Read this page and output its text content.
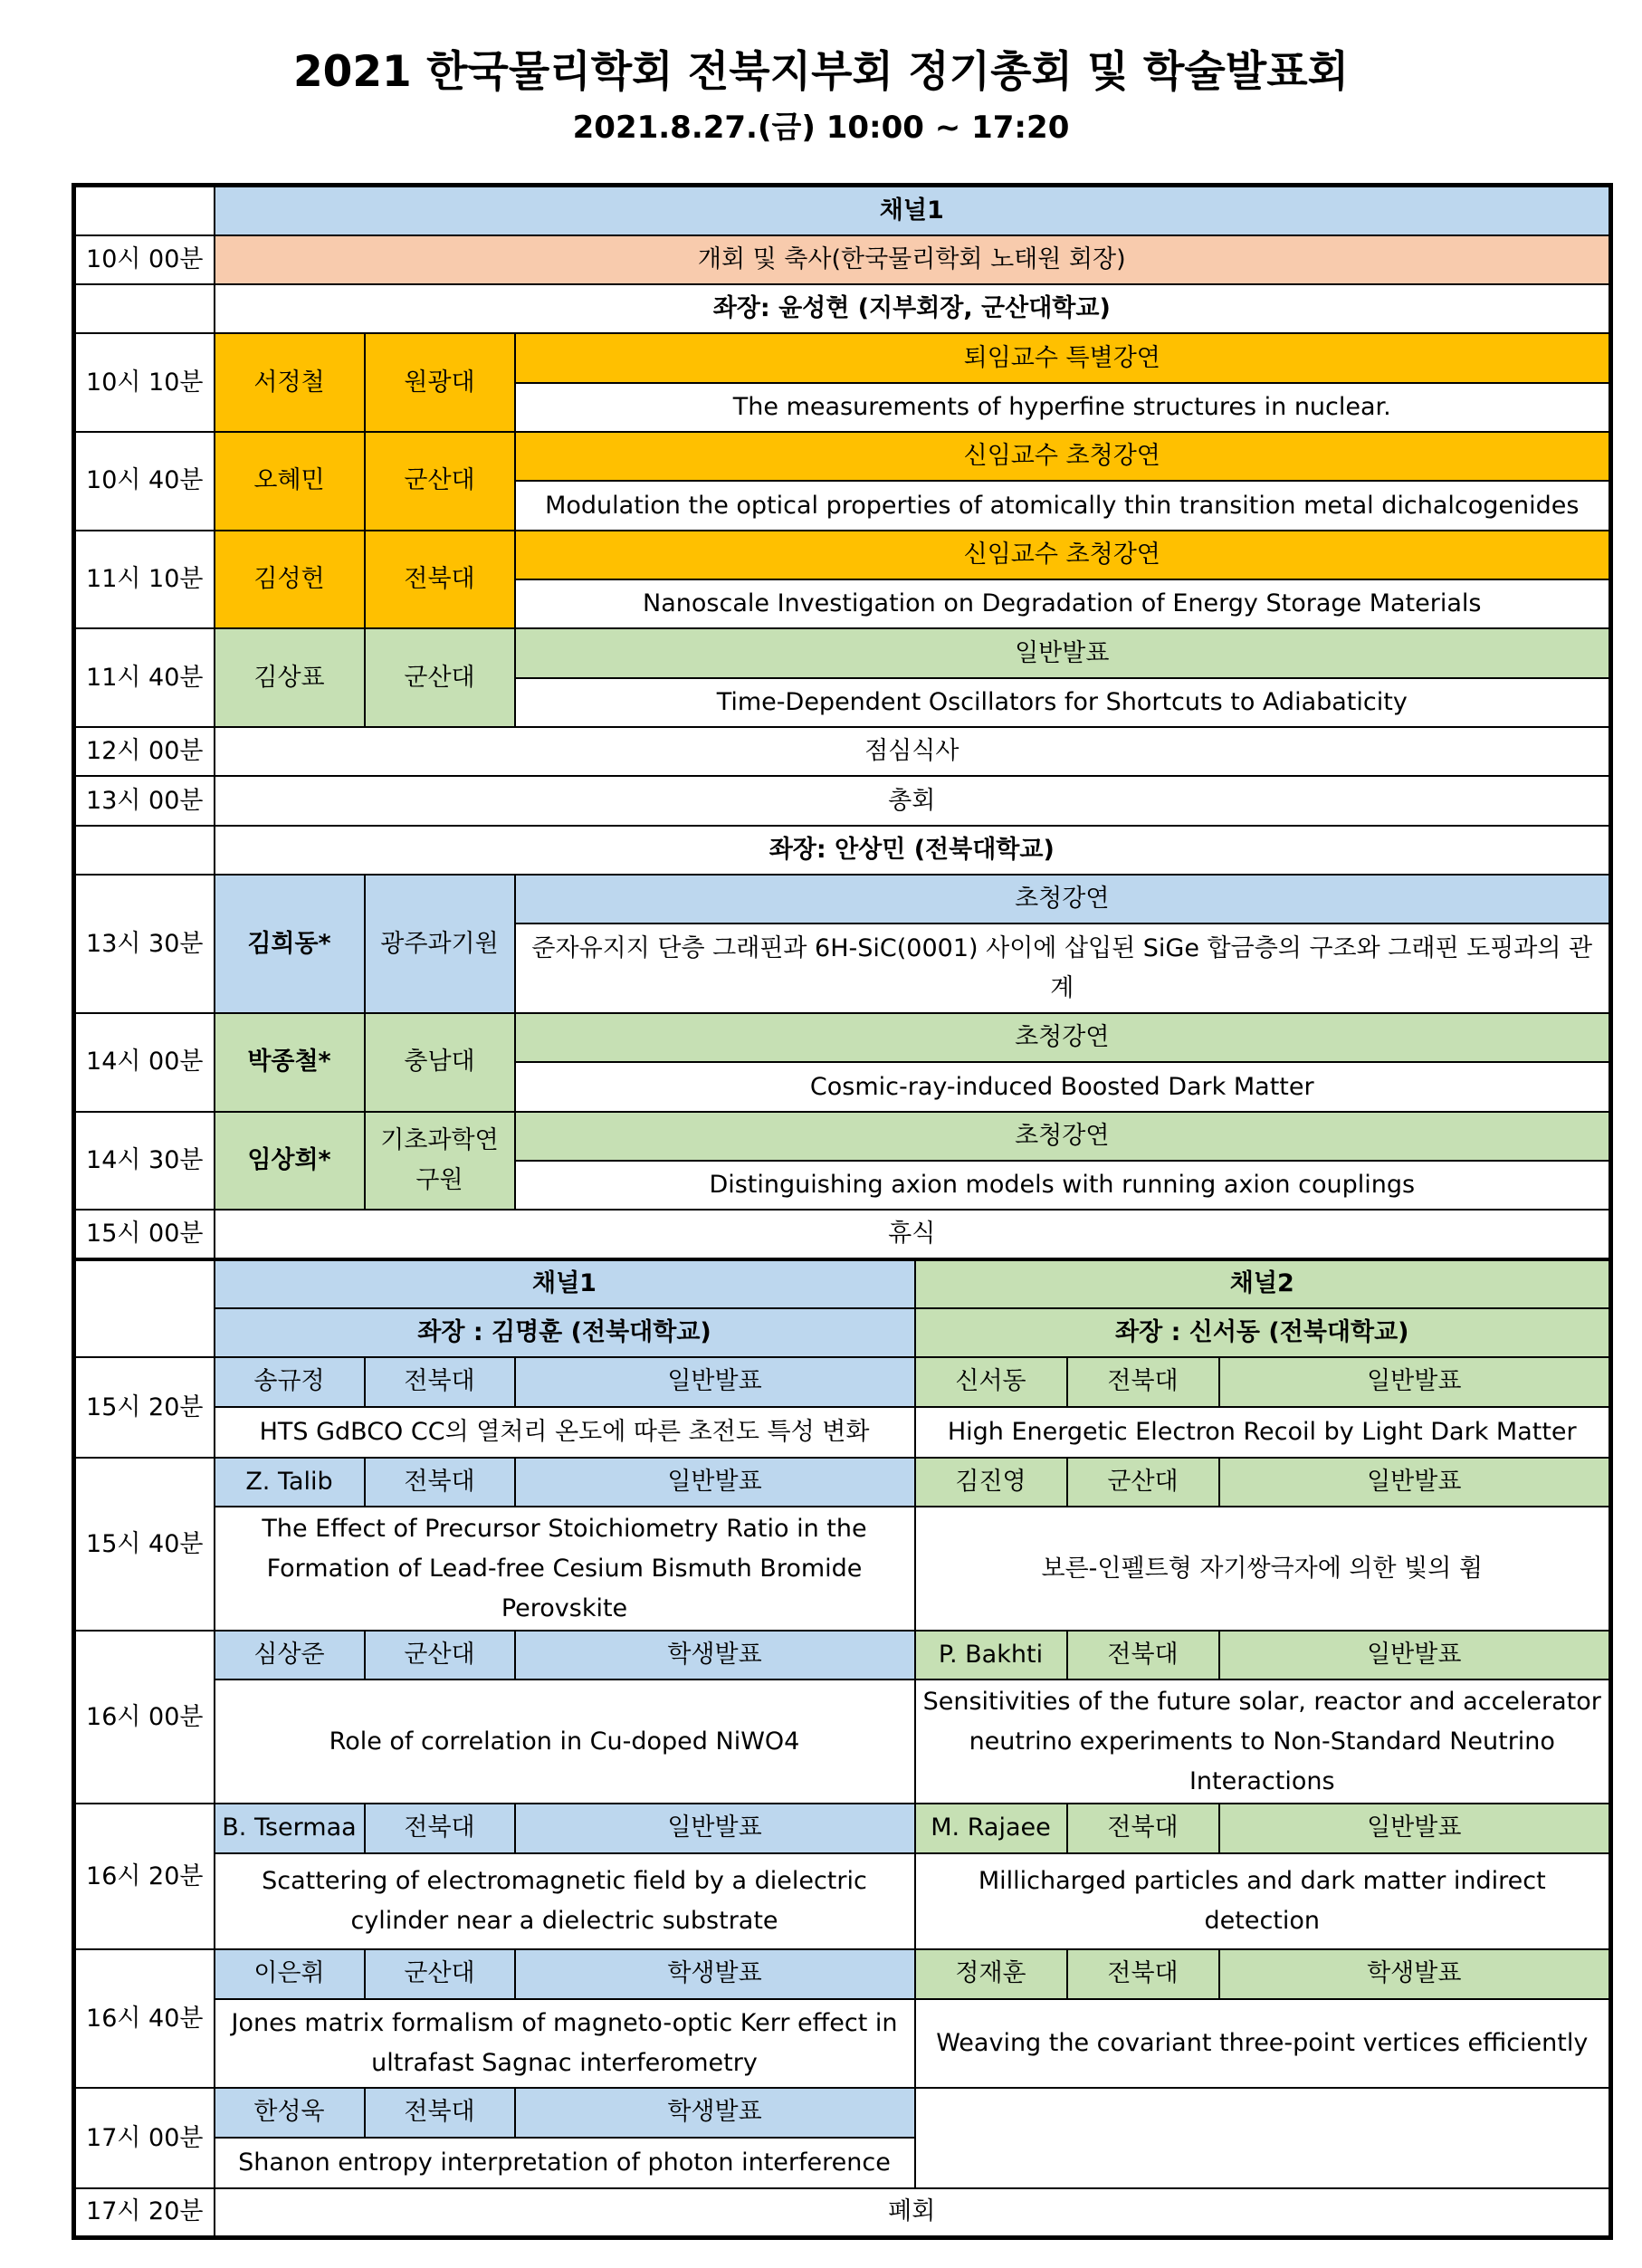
2021 한국물리학회 전북지부회 정기총회 및 학술발표회
2021.8.27.(금) 10:00 ~ 17:20
	채널1					
10시 00분	개회 및 축사(한국물리학회 노태원 회장)					
	좌장: 윤성현 (지부회장, 군산대학교)					
10시 10분	서정철	원광대	퇴임교수 특별강연			
			The measurements of hyperfine structures in nuclear.			
10시 40분	오혜민	군산대	신임교수 초청강연			
			Modulation the optical properties of atomically thin transition metal dichalcogenides			
11시 10분	김성헌	전북대	신임교수 초청강연			
			Nanoscale Investigation on Degradation of Energy Storage Materials			
11시 40분	김상표	군산대	일반발표			
			Time-Dependent Oscillators for Shortcuts to Adiabaticity			
12시 00분	점심식사					
13시 00분	총회					
	좌장: 안상민 (전북대학교)					
13시 30분	김희동*	광주과기원	초청강연			
			준자유지지 단층 그래핀과 6H-SiC(0001) 사이에 삽입된 SiGe 합금층의 구조와 그래핀 도핑과의 관계			
14시 00분	박종철*	충남대	초청강연			
			Cosmic-ray-induced Boosted Dark Matter			
14시 30분	임상희*	기초과학연구원	초청강연			
			Distinguishing axion models with running axion couplings			
15시 00분	휴식					
	채널1			채널2		
	좌장 : 김명훈 (전북대학교)			좌장 : 신서동 (전북대학교)		
15시 20분	송규정	전북대	일반발표	신서동	전북대	일반발표
	HTS GdBCO CC의 열처리 온도에 따른 초전도 특성 변화			High Energetic Electron Recoil by Light Dark Matter		
15시 40분	Z. Talib	전북대	일반발표	김진영	군산대	일반발표
	The Effect of Precursor Stoichiometry Ratio in the Formation of Lead-free Cesium Bismuth Bromide Perovskite			보른-인펠트형 자기쌍극자에 의한 빛의 휨		
16시 00분	심상준	군산대	학생발표	P. Bakhti	전북대	일반발표
	Role of correlation in Cu-doped NiWO4			Sensitivities of the future solar, reactor and accelerator neutrino experiments to Non-Standard Neutrino Interactions		
16시 20분	B. Tsermaa	전북대	일반발표	M. Rajaee	전북대	일반발표
	Scattering of electromagnetic field by a dielectric cylinder near a dielectric substrate			Millicharged particles and dark matter indirect detection		
16시 40분	이은휘	군산대	학생발표	정재훈	전북대	학생발표
	Jones matrix formalism of magneto-optic Kerr effect in ultrafast Sagnac interferometry			Weaving the covariant three-point vertices efficiently		
17시 00분	한성욱	전북대	학생발표			
	Shanon entropy interpretation of photon interference					
17시 20분	폐회					
